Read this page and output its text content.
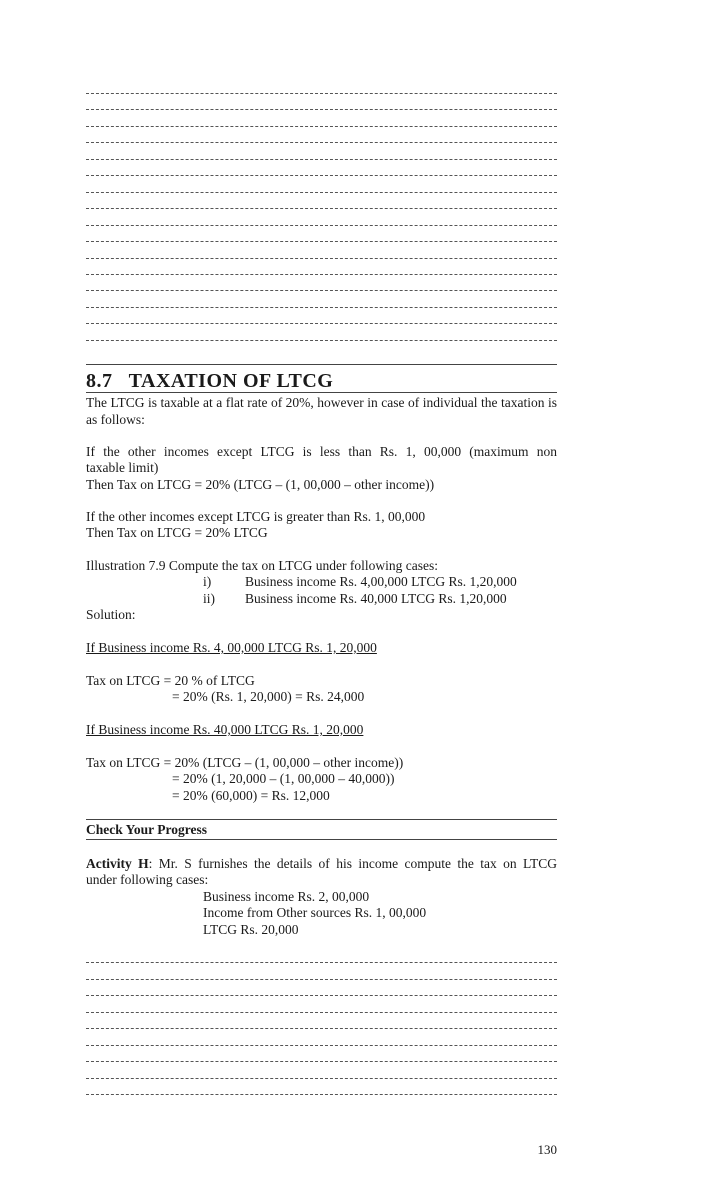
8.7 TAXATION OF LTCG

The LTCG is taxable at a flat rate of 20%, however in case of individual the taxation is as follows:

If the other incomes except LTCG is less than Rs. 1, 00,000 (maximum non

taxable limit)

Then Tax on LTCG = 20% (LTCG – (1, 00,000 – other income))

If the other incomes except LTCG is greater than Rs. 1, 00,000

Then Tax on LTCG = 20% LTCG

Illustration 7.9 Compute the tax on LTCG under following cases:

i)	Business income Rs. 4,00,000 LTCG Rs. 1,20,000

ii) Business income Rs. 40,000 LTCG Rs. 1,20,000

Solution:

If Business income Rs. 4, 00,000 LTCG Rs. 1, 20,000

Tax on LTCG = 20 % of LTCG

= 20% (Rs. 1, 20,000) = Rs. 24,000

If Business income Rs. 40,000 LTCG Rs. 1, 20,000

Tax on LTCG = 20% (LTCG – (1, 00,000 – other income))

= 20% (1, 20,000 – (1, 00,000 – 40,000))

= 20% (60,000) = Rs. 12,000

Check Your Progress

Activity H: Mr. S furnishes the details of his income compute the tax on LTCG

under following cases:

Business income Rs. 2, 00,000

Income from Other sources Rs. 1, 00,000

LTCG Rs. 20,000

130
